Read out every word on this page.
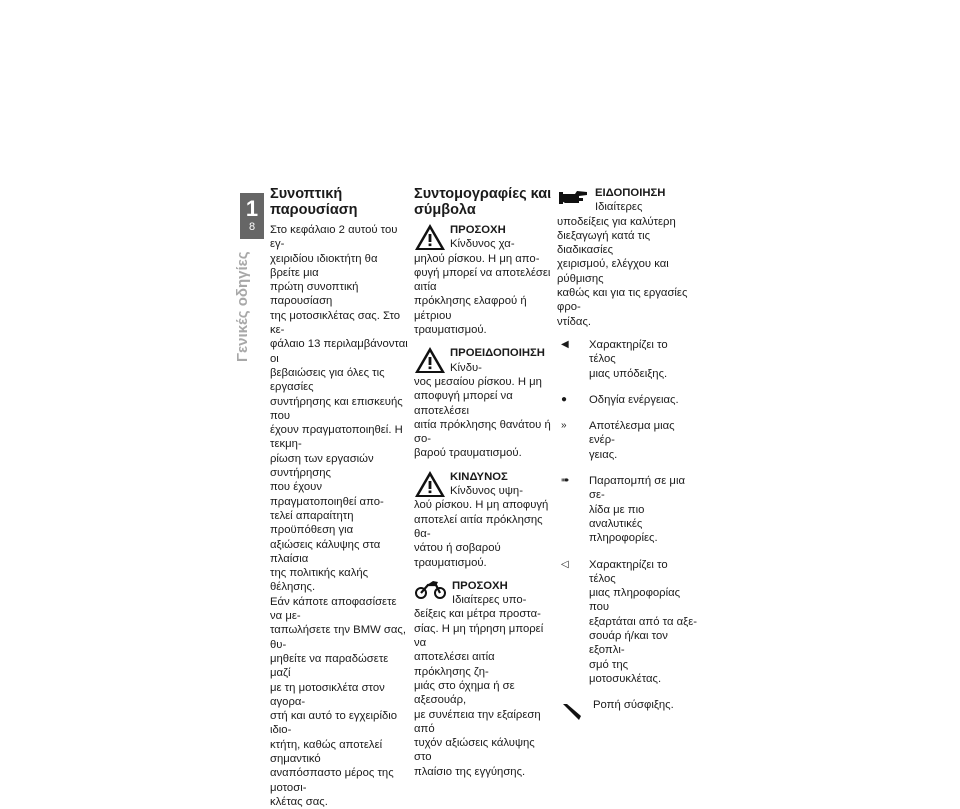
1
8
Γενικές οδηγίες
Συνοπτική παρουσίαση

Στο κεφάλαιο 2 αυτού του εγ-
χειριδίου ιδιοκτήτη θα βρείτε μια
πρώτη συνοπτική παρουσίαση
της μοτοσικλέτας σας. Στο κε-
φάλαιο 13 περιλαμβάνονται οι
βεβαιώσεις για όλες τις εργασίες
συντήρησης και επισκευής που
έχουν πραγματοποιηθεί. Η τεκμη-
ρίωση των εργασιών συντήρησης
που έχουν πραγματοποιηθεί απο-
τελεί απαραίτητη προϋπόθεση για
αξιώσεις κάλυψης στα πλαίσια
της πολιτικής καλής θέλησης.
Εάν κάποτε αποφασίσετε να με-
ταπωλήσετε την BMW σας, θυ-
μηθείτε να παραδώσετε μαζί
με τη μοτοσικλέτα στον αγορα-
στή και αυτό το εγχειρίδιο ιδιο-
κτήτη, καθώς αποτελεί σημαντικό
αναπόσπαστο μέρος της μοτοσι-
κλέτας σας.

Συντομογραφίες και
σύμβολα

ΠΡΟΣΟΧΗ Κίνδυνος χα-
μηλού ρίσκου. Η μη απο-
φυγή μπορεί να αποτελέσει αιτία
πρόκλησης ελαφρού ή μέτριου
τραυματισμού.

ΠΡΟΕΙΔΟΠΟΙΗΣΗ Κίνδυ-
νος μεσαίου ρίσκου. Η μη
αποφυγή μπορεί να αποτελέσει
αιτία πρόκλησης θανάτου ή σο-
βαρού τραυματισμού.

ΚΙΝΔΥΝΟΣ Κίνδυνος υψη-
λού ρίσκου. Η μη αποφυγή
αποτελεί αιτία πρόκλησης θα-
νάτου ή σοβαρού τραυματισμού.

ΠΡΟΣΟΧΗ Ιδιαίτερες υπο-
δείξεις και μέτρα προστα-
σίας. Η μη τήρηση μπορεί να
αποτελέσει αιτία πρόκλησης ζη-
μιάς στο όχημα ή σε αξεσουάρ,
με συνέπεια την εξαίρεση από
τυχόν αξιώσεις κάλυψης στο
πλαίσιο της εγγύησης.

ΕΙΔΟΠΟΙΗΣΗ Ιδιαίτερες
υποδείξεις για καλύτερη
διεξαγωγή κατά τις διαδικασίες
χειρισμού, ελέγχου και ρύθμισης
καθώς και για τις εργασίες φρο-
ντίδας.

◀	Χαρακτηρίζει το τέλος
μιας υπόδειξης.

●	Οδηγία ενέργειας.

»	Αποτέλεσμα μιας ενέρ-
γειας.

➠	Παραπομπή σε μια σε-
λίδα με πιο αναλυτικές
πληροφορίες.

◁	Χαρακτηρίζει το τέλος
μιας πληροφορίας που
εξαρτάται από τα αξε-
σουάρ ή/και τον εξοπλι-
σμό της μοτοσυκλέτας.

Ροπή σύσφιξης.
